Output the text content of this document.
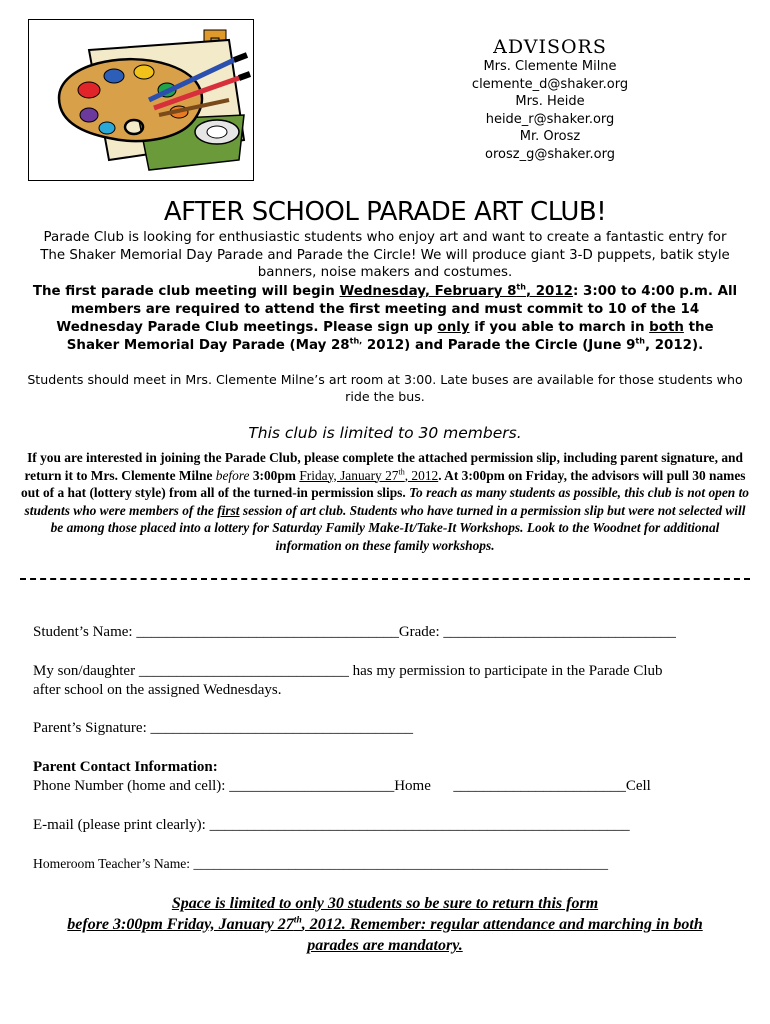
ADVISORS
Mrs. Clemente Milne
clemente_d@shaker.org
Mrs. Heide
heide_r@shaker.org
Mr. Orosz
orosz_g@shaker.org
AFTER SCHOOL PARADE ART CLUB!
Parade Club is looking for enthusiastic students who enjoy art and want to create a fantastic entry for The Shaker Memorial Day Parade and Parade the Circle! We will produce giant 3-D puppets, batik style banners, noise makers and costumes.
The first parade club meeting will begin Wednesday, February 8th, 2012: 3:00 to 4:00 p.m. All members are required to attend the first meeting and must commit to 10 of the 14 Wednesday Parade Club meetings. Please sign up only if you able to march in both the Shaker Memorial Day Parade (May $28^{th,}$ 2012) and Parade the Circle (June 9th, 2012).
Students should meet in Mrs. Clemente Milne’s art room at 3:00. Late buses are available for those students who ride the bus.
This club is limited to 30 members.
If you are interested in joining the Parade Club, please complete the attached permission slip, including parent signature, and return it to Mrs. Clemente Milne before 3:00pm Friday, January 27th, 2012. At 3:00pm on Friday, the advisors will pull 30 names out of a hat (lottery style) from all of the turned-in permission slips. To reach as many students as possible, this club is not open to students who were members of the first session of art club. Students who have turned in a permission slip but were not selected will be among those placed into a lottery for Saturday Family Make-It/Take-It Workshops. Look to the Woodnet for additional information on these family workshops.
Student’s Name: ___________________________________Grade: _______________________________
My son/daughter ____________________________ has my permission to participate in the Parade Club
after school on the assigned Wednesdays.
Parent’s Signature: ___________________________________
Parent Contact Information:
Phone Number (home and cell): ______________________Home      _______________________Cell
E-mail (please print clearly): ________________________________________________________
Homeroom Teacher’s Name: _____________________________________________________________
Space is limited to only 30 students so be sure to return this form
before 3:00pm Friday, January 27th, 2012. Remember: regular attendance and marching in both
parades are mandatory.
